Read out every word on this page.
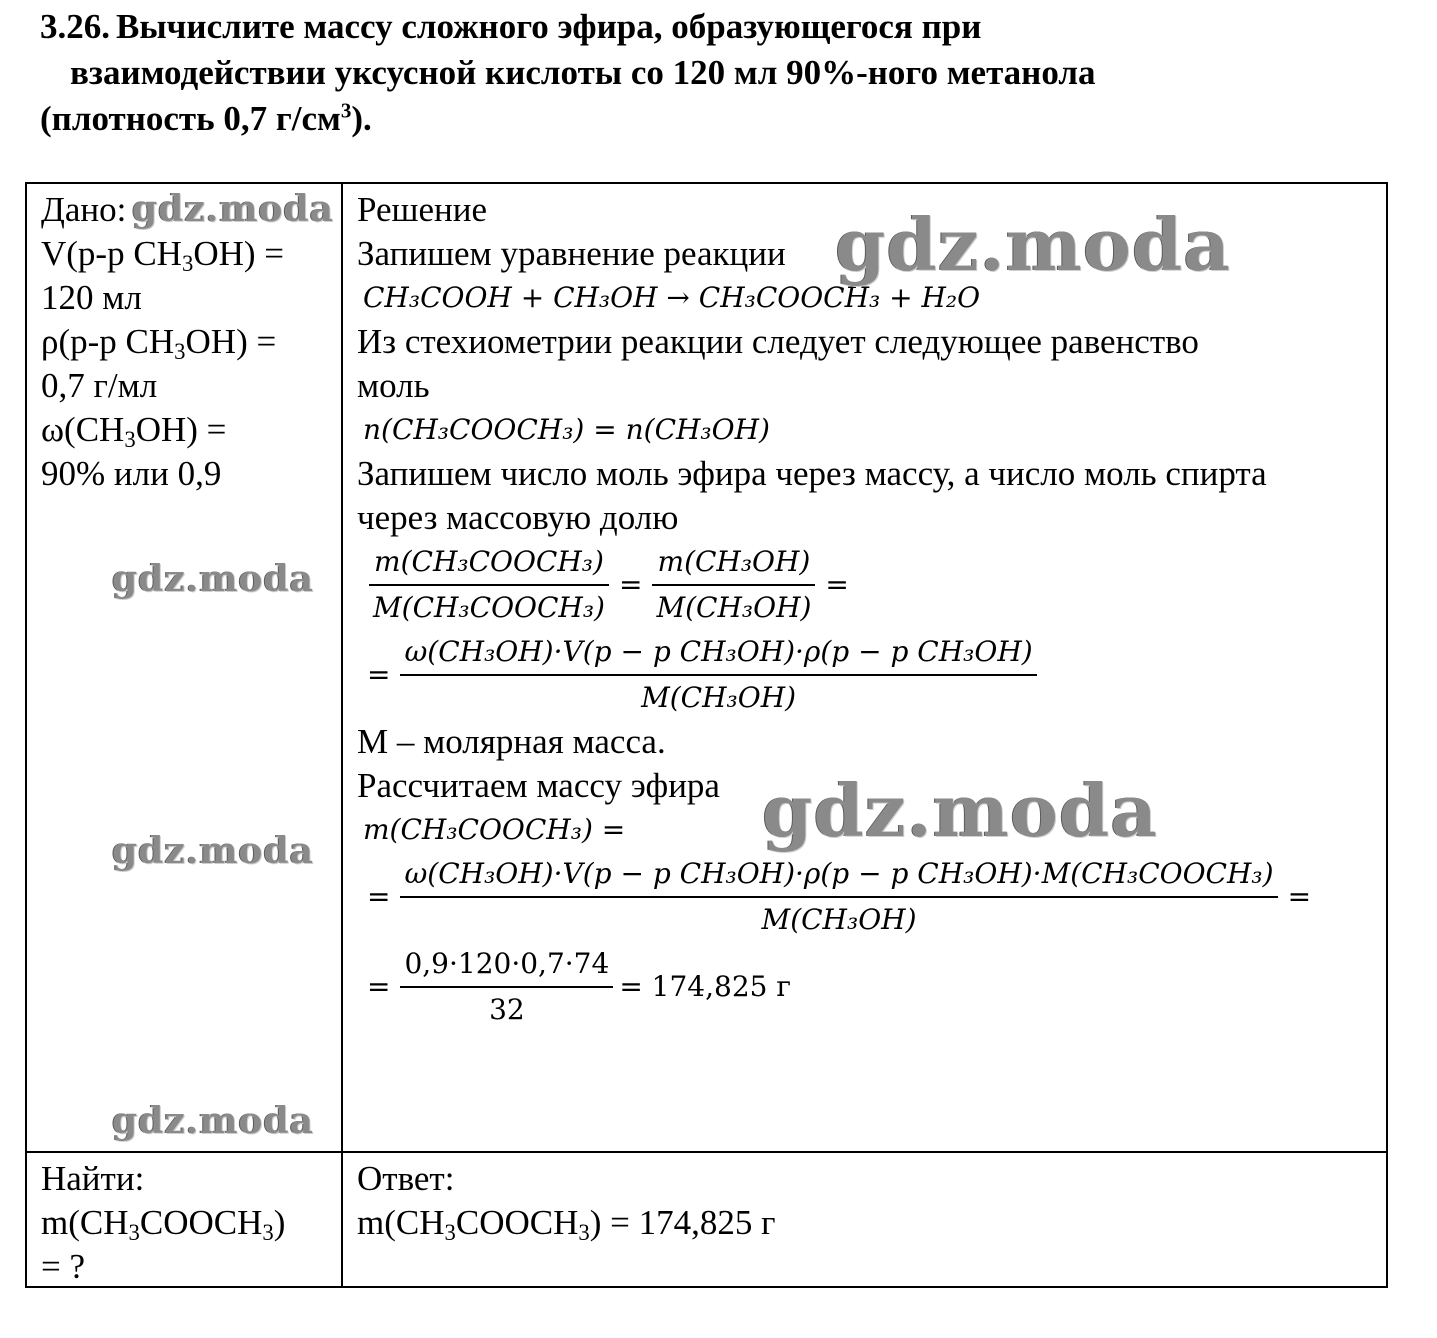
3.26. Вычислите массу сложного эфира, образующегося при

взаимодействии уксусной кислоты со 120 мл 90%-ного метанола

(плотность 0,7 $г/см^3$).

Дано:

V(р-р $CH_3OH$) =

120 мл

ρ(р-р $CH_3OH$) =

0,7 г/мл

$\omega(CH_3OH)$ =

90% или 0,9

Решение

Запишем уравнение реакции

CH₃COOH + CH₃OH → CH₃COOCH₃ + H₂O

Из стехиометрии реакции следует следующее равенство

моль

n(CH₃COOCH₃) = n(CH₃OH)

Запишем число моль эфира через массу, а число моль спирта

через массовую долю

$\frac{\text{m(CH₃COOCH₃)}}{\text{M(CH₃COOCH₃)}} = \frac{\text{m(CH₃OH)}}{\text{M(CH₃OH)}}$ =
= $\frac{\text{ω(CH₃OH)·V(p − p CH₃OH)·ρ(p − p CH₃OH)}}{\text{M(CH₃OH)}}$

M – молярная масса.

Рассчитаем массу эфира

m(CH₃COOCH₃) =
= $\frac{\text{ω(CH₃OH)·V(p − p CH₃OH)·ρ(p − p CH₃OH)·M(CH₃COOCH₃)}}{\text{M(CH₃OH)}}$ =
= $\frac{0,9\cdot 120\cdot 0,7\cdot 74}{32} = 174,825$ г

Найти:

$m(CH_3COOCH_3)$

= ?

Ответ:

$m(CH_3COOCH_3) = 174,825$ г

gdz.moda	gdz.moda
gdz.moda
gdz.moda
gdz.moda
gdz.moda
